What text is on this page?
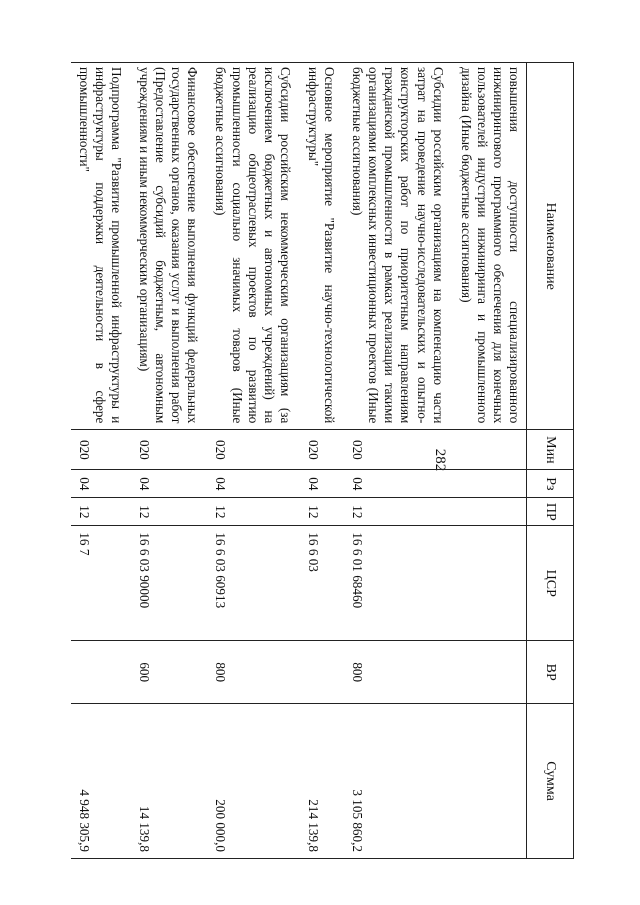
282
Наименование	Мин	Рз	ПР	ЦСР	ВР	Сумма
повышения доступности специализированного инжинирингового программного обеспечения для конечных пользователей индустрии инжиниринга и промышленного дизайна (Иные бюджетные ассигнования)						
Субсидии российским организациям на компенсацию части затрат на проведение научно-исследовательских и опытно-конструкторских работ по приоритетным направлениям гражданской промышленности в рамках реализации такими организациями комплексных инвестиционных проектов (Иные бюджетные ассигнования)	020	04	12	16 6 01 68460	800	3 105 860,2
Основное мероприятие "Развитие научно-технологической инфраструктуры"	020	04	12	16 6 03		214 139,8
Субсидии российским некоммерческим организациям (за исключением бюджетных и автономных учреждений) на реализацию общеотраслевых проектов по развитию промышленности социально значимых товаров (Иные бюджетные ассигнования)	020	04	12	16 6 03 60913	800	200 000,0
Финансовое обеспечение выполнения функций федеральных государственных органов, оказания услуг и выполнения работ (Предоставление субсидий бюджетным, автономным учреждениям и иным некоммерческим организациям)	020	04	12	16 6 03 90000	600	14 139,8
Подпрограмма "Развитие промышленной инфраструктуры и инфраструктуры поддержки деятельности в сфере промышленности"	020	04	12	16 7		4 948 305,9
